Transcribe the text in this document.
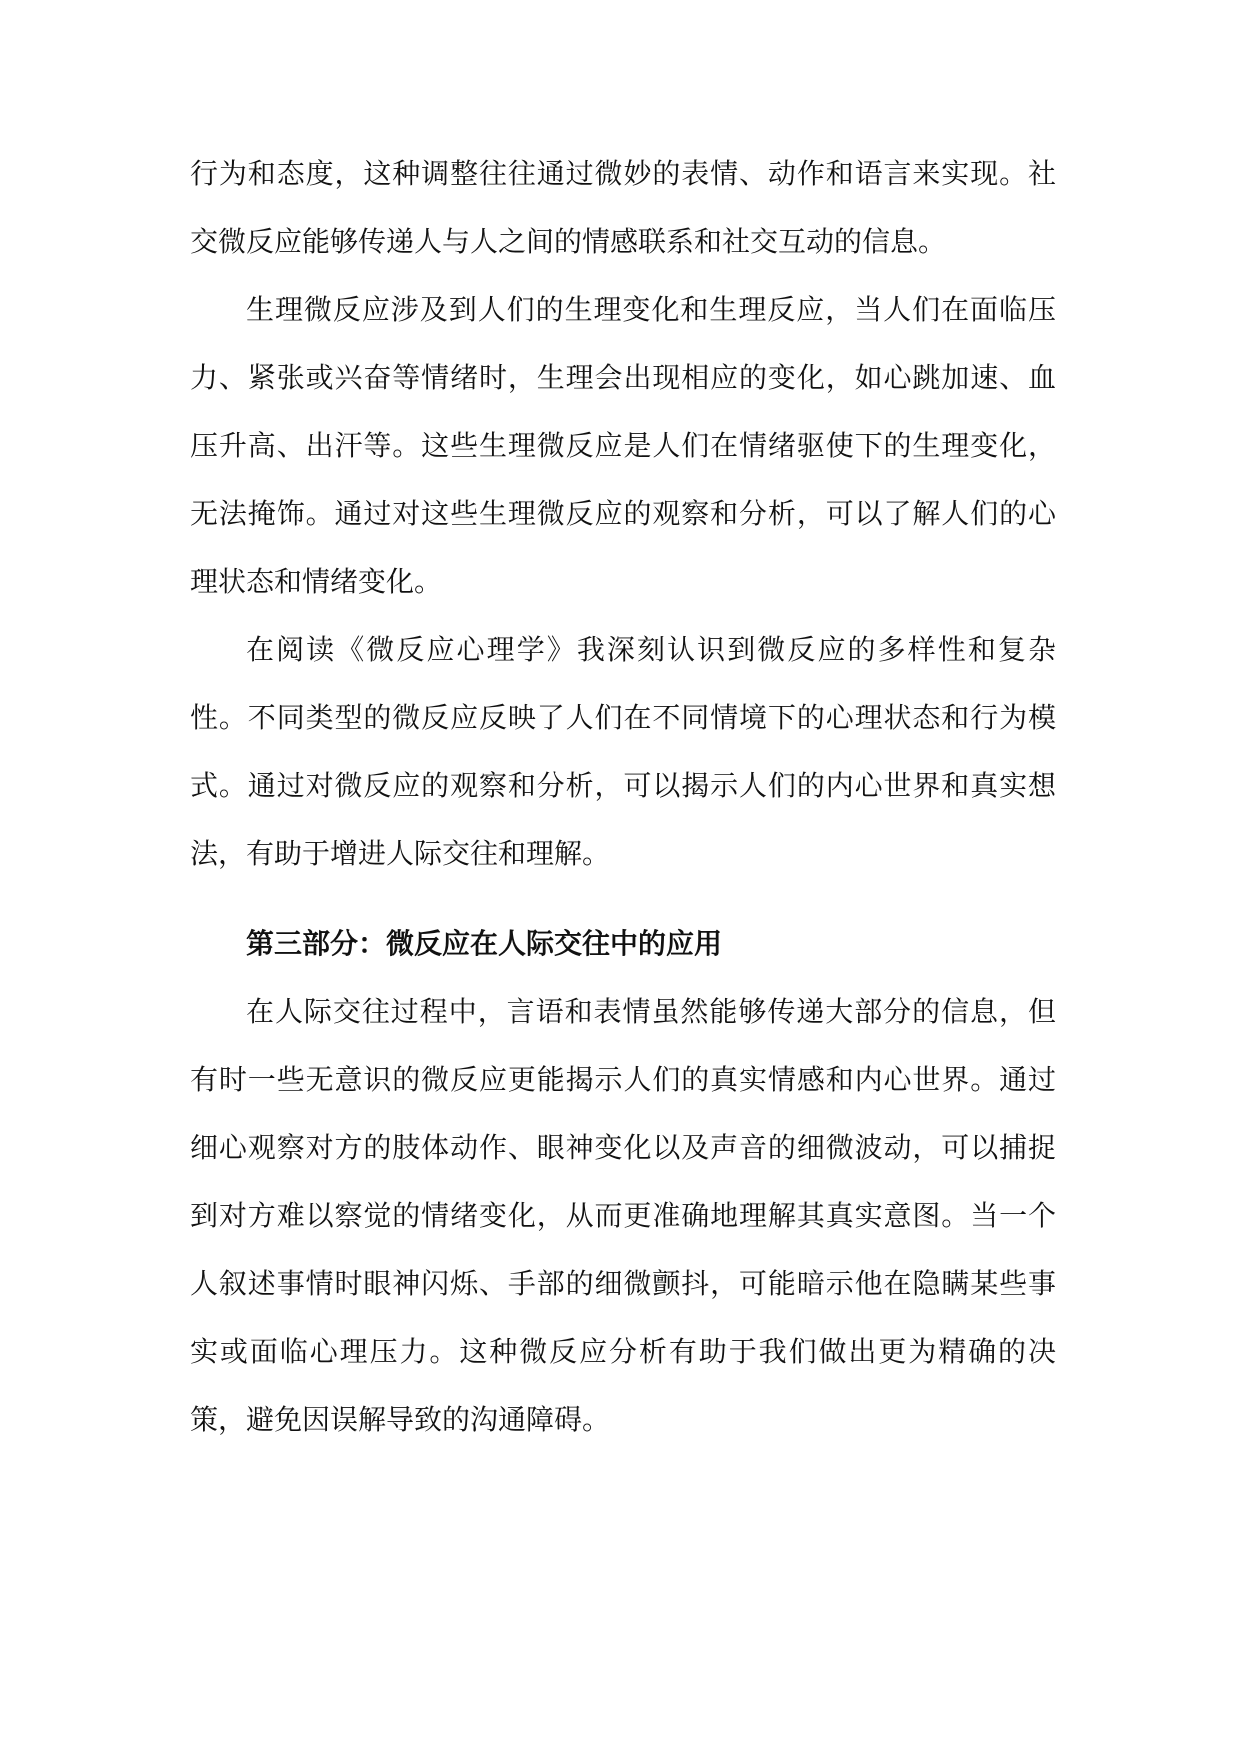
行为和态度，这种调整往往通过微妙的表情、动作和语言来实现。社交微反应能够传递人与人之间的情感联系和社交互动的信息。

生理微反应涉及到人们的生理变化和生理反应，当人们在面临压力、紧张或兴奋等情绪时，生理会出现相应的变化，如心跳加速、血压升高、出汗等。这些生理微反应是人们在情绪驱使下的生理变化，无法掩饰。通过对这些生理微反应的观察和分析，可以了解人们的心理状态和情绪变化。

在阅读《微反应心理学》我深刻认识到微反应的多样性和复杂性。不同类型的微反应反映了人们在不同情境下的心理状态和行为模式。通过对微反应的观察和分析，可以揭示人们的内心世界和真实想法，有助于增进人际交往和理解。

第三部分：微反应在人际交往中的应用

在人际交往过程中，言语和表情虽然能够传递大部分的信息，但有时一些无意识的微反应更能揭示人们的真实情感和内心世界。通过细心观察对方的肢体动作、眼神变化以及声音的细微波动，可以捕捉到对方难以察觉的情绪变化，从而更准确地理解其真实意图。当一个人叙述事情时眼神闪烁、手部的细微颤抖，可能暗示他在隐瞒某些事实或面临心理压力。这种微反应分析有助于我们做出更为精确的决策，避免因误解导致的沟通障碍。
